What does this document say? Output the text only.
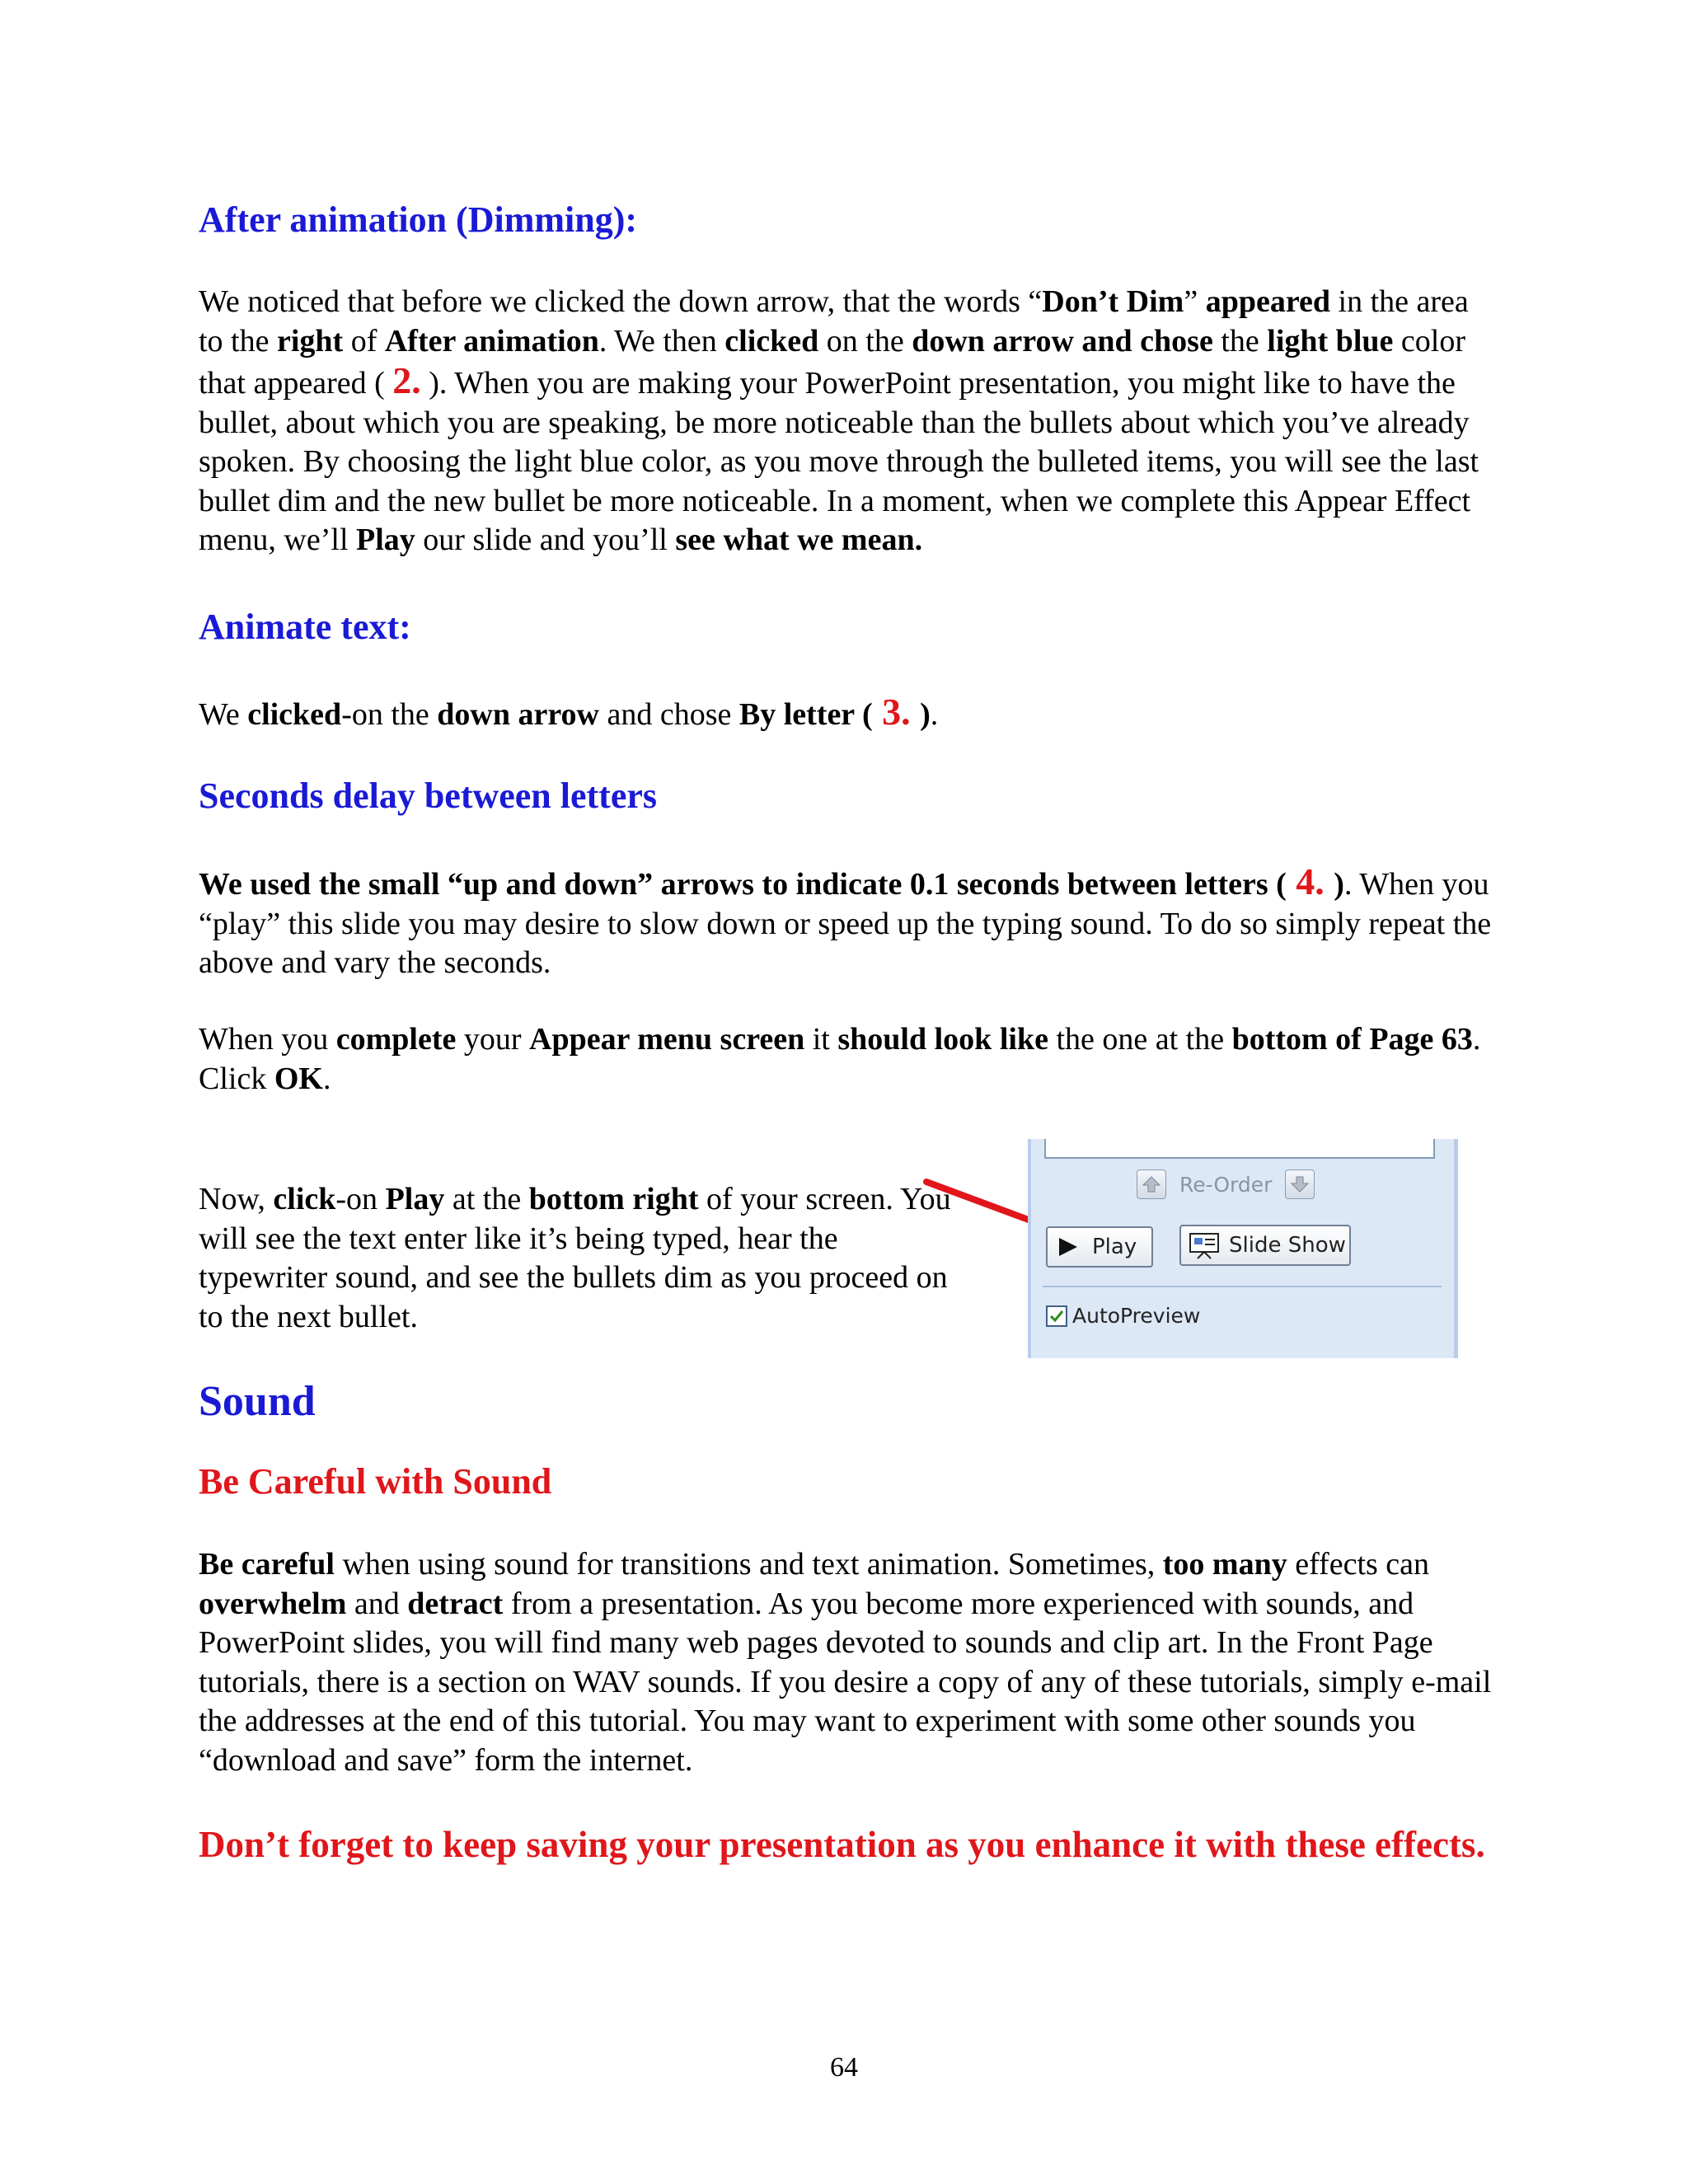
After animation (Dimming):

We noticed that before we clicked the down arrow, that the words “Don’t Dim” appeared in the area to the right of After animation. We then clicked on the down arrow and chose the light blue color that appeared ( 2. ). When you are making your PowerPoint presentation, you might like to have the bullet, about which you are speaking, be more noticeable than the bullets about which you’ve already spoken. By choosing the light blue color, as you move through the bulleted items, you will see the last bullet dim and the new bullet be more noticeable. In a moment, when we complete this Appear Effect menu, we’ll Play our slide and you’ll see what we mean.

Animate text:

We clicked-on the down arrow and chose By letter ( 3. ).

Seconds delay between letters

We used the small “up and down” arrows to indicate 0.1 seconds between letters ( 4. ). When you “play” this slide you may desire to slow down or speed up the typing sound. To do so simply repeat the above and vary the seconds.

When you complete your Appear menu screen it should look like the one at the bottom of Page 63. Click OK.

Now, click-on Play at the bottom right of your screen. You will see the text enter like it’s being typed, hear the typewriter sound, and see the bullets dim as you proceed on to the next bullet.

Re-Order
Play	Slide Show
AutoPreview
Sound
Be Careful with Sound

Be careful when using sound for transitions and text animation. Sometimes, too many effects can overwhelm and detract from a presentation. As you become more experienced with sounds, and PowerPoint slides, you will find many web pages devoted to sounds and clip art. In the Front Page tutorials, there is a section on WAV sounds. If you desire a copy of any of these tutorials, simply e-mail the addresses at the end of this tutorial. You may want to experiment with some other sounds you “download and save” form the internet.

Don’t forget to keep saving your presentation as you enhance it with these effects.

64
